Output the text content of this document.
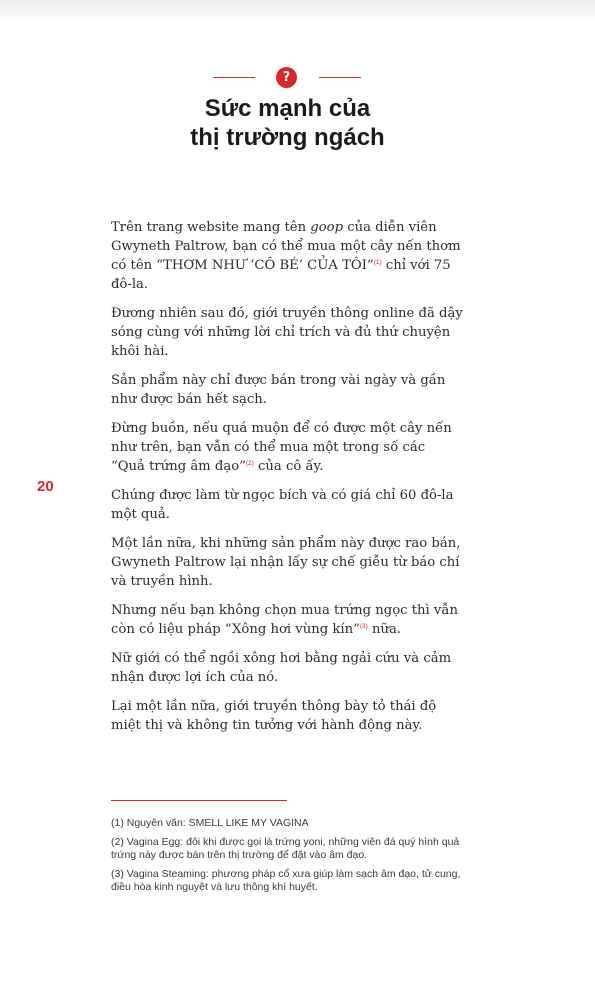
?
Sức mạnh của
thị trường ngách
20

Trên trang website mang tên goop của diễn viên Gwyneth Paltrow, bạn có thể mua một cây nến thơm có tên “THƠM NHƯ ‘CÔ BÉ’ CỦA TÔI”$^{(1)}$ chỉ với 75 đô-la.

Đương nhiên sau đó, giới truyền thông online đã dậy sóng cùng với những lời chỉ trích và đủ thứ chuyện khôi hài.

Sản phẩm này chỉ được bán trong vài ngày và gần như được bán hết sạch.

Đừng buồn, nếu quá muộn để có được một cây nến như trên, bạn vẫn có thể mua một trong số các “Quả trứng âm đạo”$^{(2)}$ của cô ấy.

Chúng được làm từ ngọc bích và có giá chỉ 60 đô-la một quả.

Một lần nữa, khi những sản phẩm này được rao bán, Gwyneth Paltrow lại nhận lấy sự chế giễu từ báo chí và truyền hình.

Nhưng nếu bạn không chọn mua trứng ngọc thì vẫn còn có liệu pháp “Xông hơi vùng kín”$^{(3)}$ nữa.

Nữ giới có thể ngồi xông hơi bằng ngải cứu và cảm nhận được lợi ích của nó.

Lại một lần nữa, giới truyền thông bày tỏ thái độ miệt thị và không tin tưởng với hành động này.

(1) Nguyên văn: SMELL LIKE MY VAGINA
(2) Vagina Egg: đôi khi được gọi là trứng yoni, những viên đá quý hình quả trứng này được bán trên thị trường để đặt vào âm đạo.
(3) Vagina Steaming: phương pháp cổ xưa giúp làm sạch âm đạo, tử cung, điều hòa kinh nguyệt và lưu thông khí huyết.
